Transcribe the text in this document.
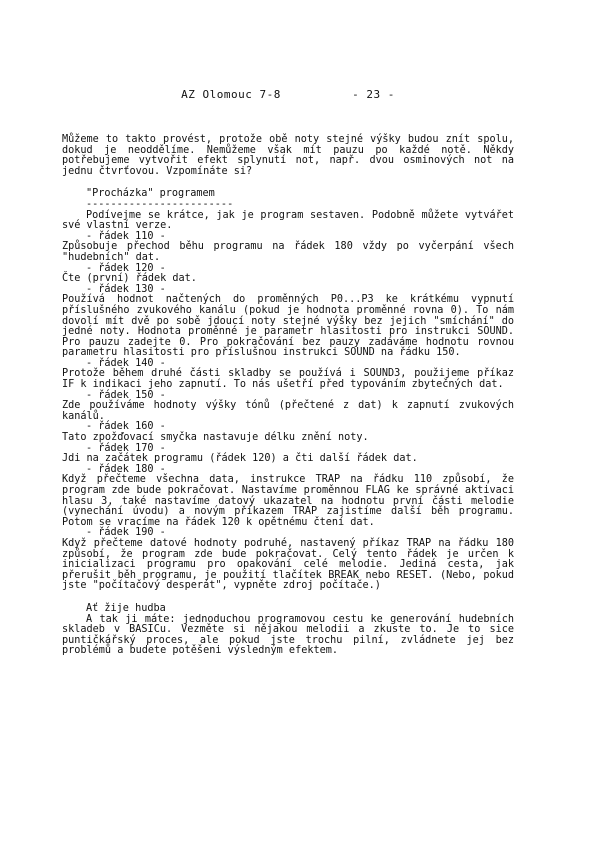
AZ Olomouc 7-8          - 23 -

Můžeme to takto provést, protože obě noty stejné výšky budou znít spolu, dokud je neoddělíme. Nemůžeme však mít pauzu po každé notě. Někdy potřebujeme vytvořit efekt splynutí not, např. dvou osminových not na jednu čtvrťovou. Vzpomínáte si?

"Procházka" programem

------------------------

Podívejme se krátce, jak je program sestaven. Podobně můžete vytvářet své vlastní verze.

- řádek 110 -

Způsobuje přechod běhu programu na řádek 180 vždy po vyčerpání všech "hudebních" dat.

- řádek 120 -

Čte (první) řádek dat.

- řádek 130 -

Používá hodnot načtených do proměnných P0...P3 ke krátkému vypnutí příslušného zvukového kanálu (pokud je hodnota proměnné rovna 0). To nám dovolí mít dvě po sobě jdoucí noty stejné výšky bez jejich "smíchání" do jedné noty. Hodnota proměnné je parametr hlasitosti pro instrukci SOUND. Pro pauzu zadejte 0. Pro pokračování bez pauzy zadáváme hodnotu rovnou parametru hlasitosti pro příslušnou instrukci SOUND na řádku 150.

- řádek 140 -

Protože během druhé části skladby se používá i SOUND3, použijeme příkaz IF k indikaci jeho zapnutí. To nás ušetří před typováním zbytečných dat.

- řádek 150 -

Zde používáme hodnoty výšky tónů (přečtené z dat) k zapnutí zvukových kanálů.

- řádek 160 -

Tato zpožďovací smyčka nastavuje délku znění noty.

- řádek 170 -

Jdi na začátek programu (řádek 120) a čti další řádek dat.

- řádek 180 -

Když přečteme všechna data, instrukce TRAP na řádku 110 způsobí, že program zde bude pokračovat. Nastavíme proměnnou FLAG ke správné aktivaci hlasu 3, také nastavíme datový ukazatel na hodnotu první části melodie (vynechání úvodu) a novým příkazem TRAP zajistíme další běh programu. Potom se vracíme na řádek 120 k opětnému čtení dat.

- řádek 190 -

Když přečteme datové hodnoty podruhé, nastavený příkaz TRAP na řádku 180 způsobí, že program zde bude pokračovat. Celý tento řádek je určen k inicializaci programu pro opakování celé melodie. Jediná cesta, jak přerušit běh programu, je použití tlačítek BREAK nebo RESET. (Nebo, pokud jste "počítačový desperát", vypněte zdroj počítače.)

Ať žije hudba

A tak ji máte: jednoduchou programovou cestu ke generování hudebních skladeb v BASICu. Vezměte si nějakou melodii a zkuste to. Je to sice puntičkářský proces, ale pokud jste trochu pilní, zvládnete jej bez problémů a budete potěšeni výsledným efektem.
